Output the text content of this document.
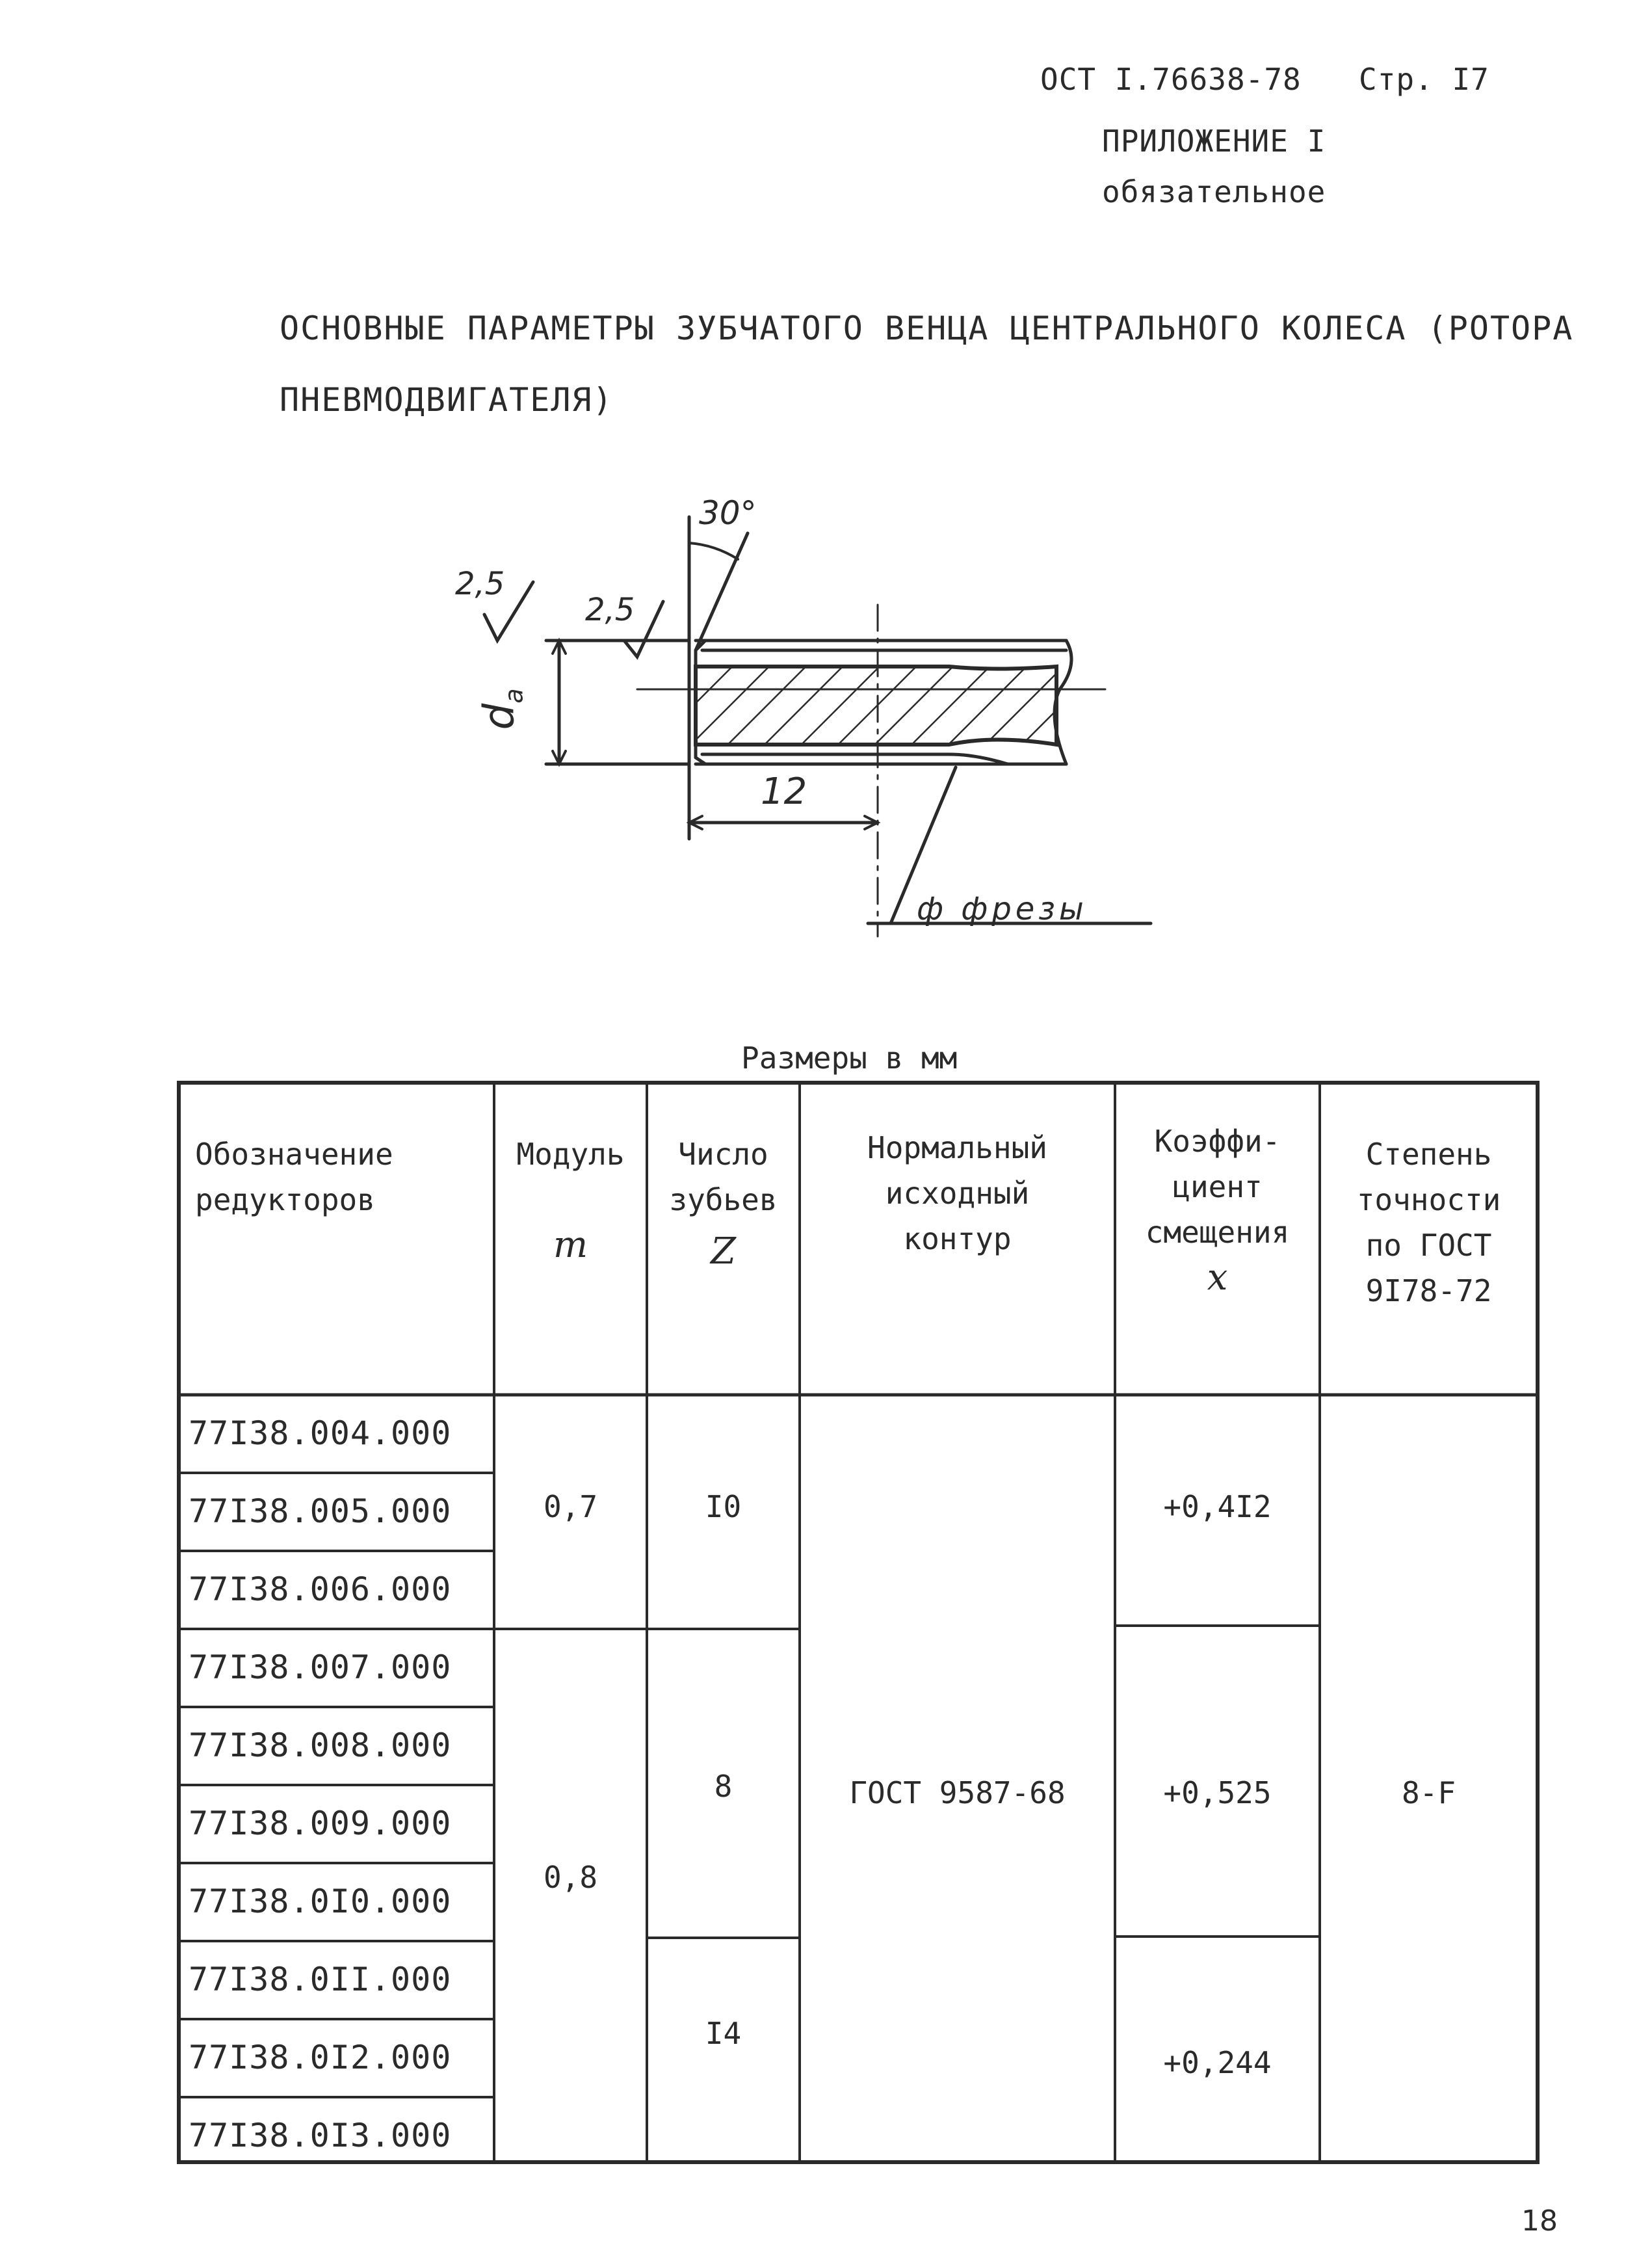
ОСТ I.76638-78 Стр. I7
ПРИЛОЖЕНИЕ I
обязательное
ОСНОВНЫЕ ПАРАМЕТРЫ ЗУБЧАТОГО ВЕНЦА ЦЕНТРАЛЬНОГО КОЛЕСА (РОТОРА
ПНЕВМОДВИГАТЕЛЯ)
30°
2,5
2,5
$d_a$
12
ф фрезы
Размеры в мм
Обозначение
редукторов
Модуль
m
Число
зубьев
Z
Нормальный
исходный
контур
Коэффи-
циент
смещения
x
Степень
точности
по ГОСТ
9I78-72
77I38.004.000
77I38.005.000
77I38.006.000
77I38.007.000
77I38.008.000
77I38.009.000
77I38.0I0.000
77I38.0II.000
77I38.0I2.000
77I38.0I3.000
0,7
0,8
I0
8
I4
ГОСТ 9587-68
+0,4I2
+0,525
+0,244
8-F
18
